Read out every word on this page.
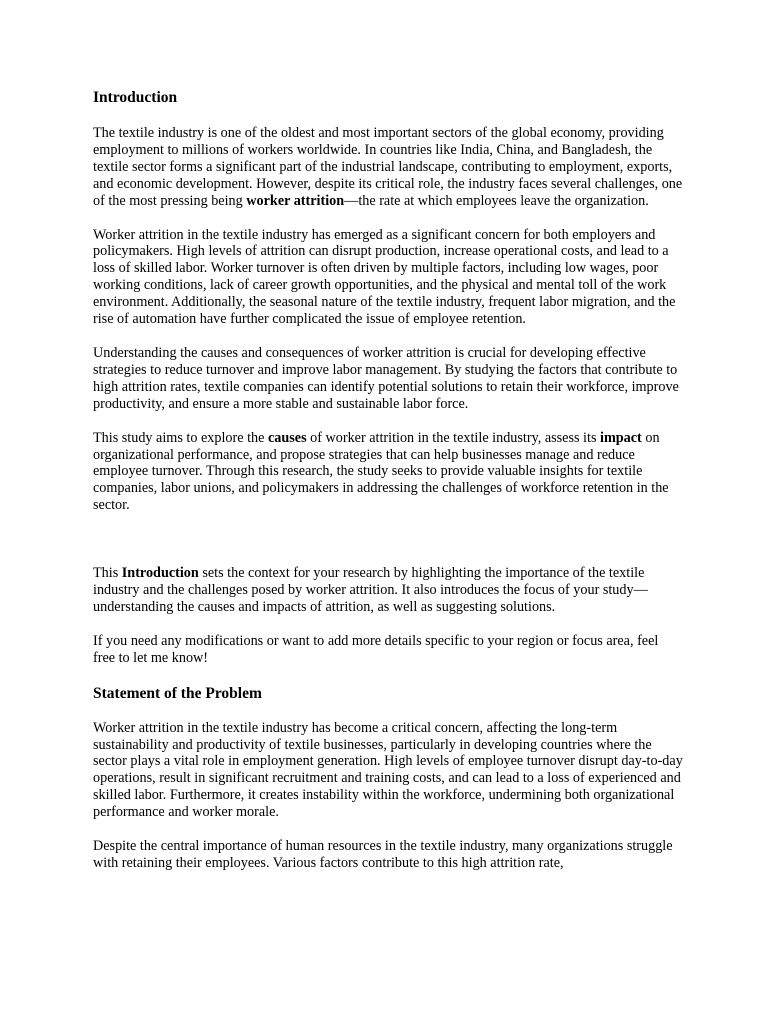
Introduction

The textile industry is one of the oldest and most important sectors of the global economy, providing employment to millions of workers worldwide. In countries like India, China, and Bangladesh, the textile sector forms a significant part of the industrial landscape, contributing to employment, exports, and economic development. However, despite its critical role, the industry faces several challenges, one of the most pressing being worker attrition—the rate at which employees leave the organization.

Worker attrition in the textile industry has emerged as a significant concern for both employers and policymakers. High levels of attrition can disrupt production, increase operational costs, and lead to a loss of skilled labor. Worker turnover is often driven by multiple factors, including low wages, poor working conditions, lack of career growth opportunities, and the physical and mental toll of the work environment. Additionally, the seasonal nature of the textile industry, frequent labor migration, and the rise of automation have further complicated the issue of employee retention.

Understanding the causes and consequences of worker attrition is crucial for developing effective strategies to reduce turnover and improve labor management. By studying the factors that contribute to high attrition rates, textile companies can identify potential solutions to retain their workforce, improve productivity, and ensure a more stable and sustainable labor force.

This study aims to explore the causes of worker attrition in the textile industry, assess its impact on organizational performance, and propose strategies that can help businesses manage and reduce employee turnover. Through this research, the study seeks to provide valuable insights for textile companies, labor unions, and policymakers in addressing the challenges of workforce retention in the sector.

This Introduction sets the context for your research by highlighting the importance of the textile industry and the challenges posed by worker attrition. It also introduces the focus of your study—understanding the causes and impacts of attrition, as well as suggesting solutions.

If you need any modifications or want to add more details specific to your region or focus area, feel free to let me know!

Statement of the Problem

Worker attrition in the textile industry has become a critical concern, affecting the long-term sustainability and productivity of textile businesses, particularly in developing countries where the sector plays a vital role in employment generation. High levels of employee turnover disrupt day-to-day operations, result in significant recruitment and training costs, and can lead to a loss of experienced and skilled labor. Furthermore, it creates instability within the workforce, undermining both organizational performance and worker morale.

Despite the central importance of human resources in the textile industry, many organizations struggle with retaining their employees. Various factors contribute to this high attrition rate,
